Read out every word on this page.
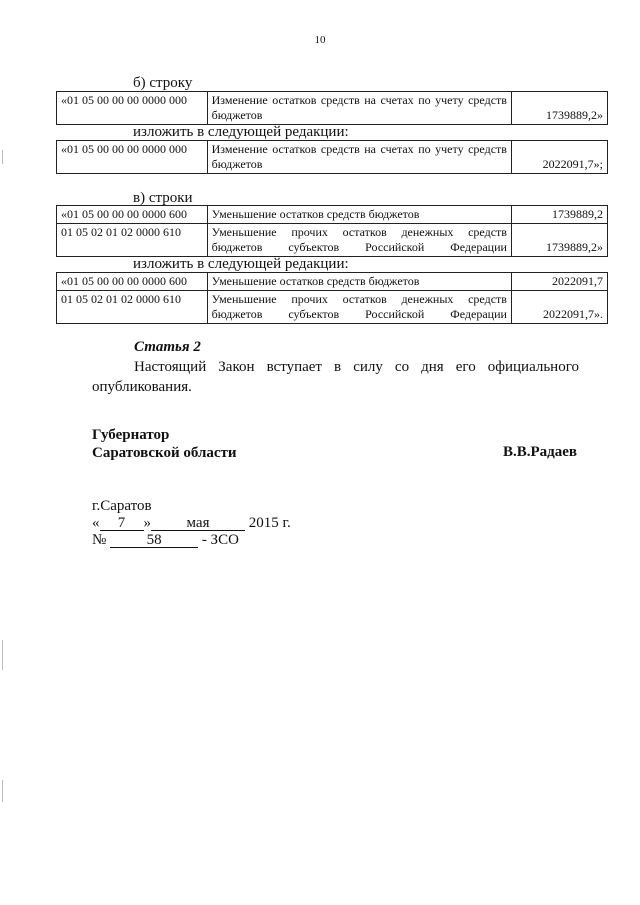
10
б) строку
«01 05 00 00 00 0000 000	Изменение остатков средств на счетах по учету средств бюджетов	1739889,2»
изложить в следующей редакции:
«01 05 00 00 00 0000 000	Изменение остатков средств на счетах по учету средств бюджетов	2022091,7»;
в) строки
«01 05 00 00 00 0000 600	Уменьшение остатков средств бюджетов	1739889,2
01 05 02 01 02 0000 610	Уменьшение прочих остатков денежных средств бюджетов субъектов Российской Федерации	1739889,2»
изложить в следующей редакции:
«01 05 00 00 00 0000 600	Уменьшение остатков средств бюджетов	2022091,7
01 05 02 01 02 0000 610	Уменьшение прочих остатков денежных средств бюджетов субъектов Российской Федерации	2022091,7».
Статья 2
Настоящий Закон вступает в силу со дня его официального опубликования.
Губернатор
Саратовской области	В.В.Радаев
г.Саратов
« 7 » мая	2015 г.
№	58	- ЗСО
